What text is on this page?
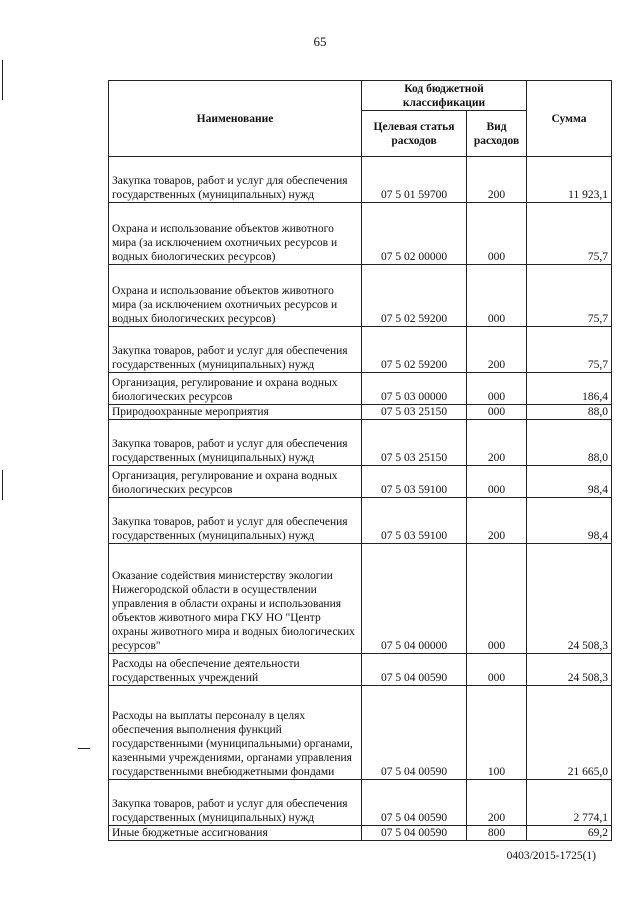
65
Наименование	Код бюджетной классификации		Сумма
	Целевая статья расходов	Вид расходов	
Закупка товаров, работ и услуг для обеспечения государственных (муниципальных) нужд	07 5 01 59700	200	11 923,1
Охрана и использование объектов животного мира (за исключением охотничьих ресурсов и водных биологических ресурсов)	07 5 02 00000	000	75,7
Охрана и использование объектов животного мира (за исключением охотничьих ресурсов и водных биологических ресурсов)	07 5 02 59200	000	75,7
Закупка товаров, работ и услуг для обеспечения государственных (муниципальных) нужд	07 5 02 59200	200	75,7
Организация, регулирование и охрана водных биологических ресурсов	07 5 03 00000	000	186,4
Природоохранные мероприятия	07 5 03 25150	000	88,0
Закупка товаров, работ и услуг для обеспечения государственных (муниципальных) нужд	07 5 03 25150	200	88,0
Организация, регулирование и охрана водных биологических ресурсов	07 5 03 59100	000	98,4
Закупка товаров, работ и услуг для обеспечения государственных (муниципальных) нужд	07 5 03 59100	200	98,4
Оказание содействия министерству экологии Нижегородской области в осуществлении управления в области охраны и использования объектов животного мира ГКУ НО "Центр охраны животного мира и водных биологических ресурсов"	07 5 04 00000	000	24 508,3
Расходы на обеспечение деятельности государственных учреждений	07 5 04 00590	000	24 508,3
Расходы на выплаты персоналу в целях обеспечения выполнения функций государственными (муниципальными) органами, казенными учреждениями, органами управления государственными внебюджетными фондами	07 5 04 00590	100	21 665,0
Закупка товаров, работ и услуг для обеспечения государственных (муниципальных) нужд	07 5 04 00590	200	2 774,1
Иные бюджетные ассигнования	07 5 04 00590	800	69,2
0403/2015-1725(1)
